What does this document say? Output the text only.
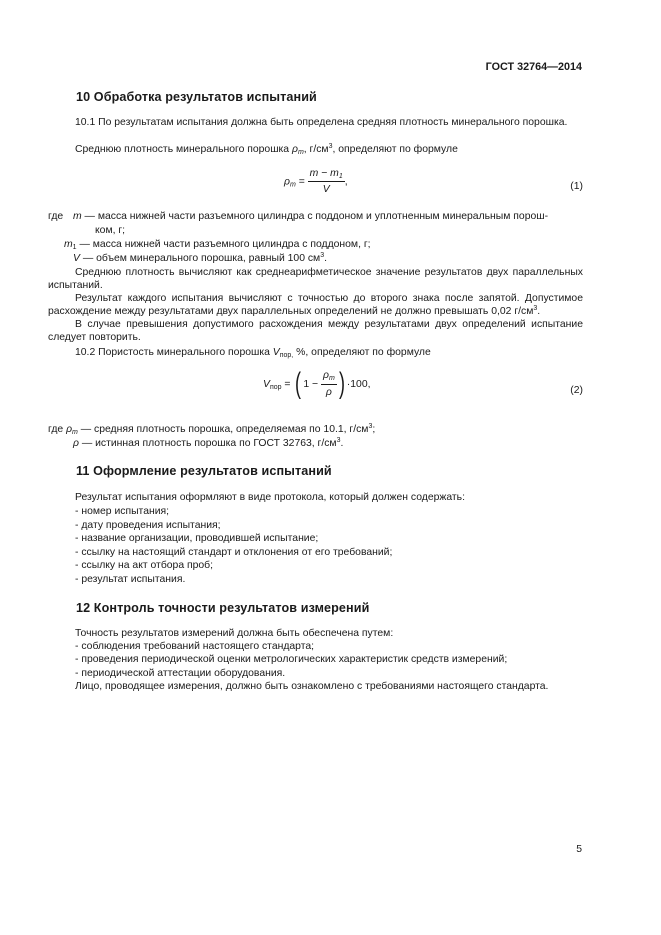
ГОСТ 32764—2014
10 Обработка результатов испытаний

10.1 По результатам испытания должна быть определена средняя плотность минерального порошка.

Среднюю плотность минерального порошка $\rho_m$, $г/см^3$, определяют по формуле

$\rho_m = \frac{m - m_1}{V}$ ,	(1)
где m — масса нижней части разъемного цилиндра с поддоном и уплотненным минеральным порош-
ком, г;
$m_1$ — масса нижней части разъемного цилиндра с поддоном, г;
V — объем минерального порошка, равный 100 $см^3$.

Среднюю плотность вычисляют как среднеарифметическое значение результатов двух параллельных испытаний.

Результат каждого испытания вычисляют с точностью до второго знака после запятой. Допустимое расхождение между результатами двух параллельных определений не должно превышать 0,02 $г/см^3$.

В случае превышения допустимого расхождения между результатами двух определений испытание следует повторить.

10.2 Пористость минерального порошка $V_{пор,}$ %, определяют по формуле

$V_{пор}$ = ( $1 - \frac{\rho_m}{\rho}$ ) ·100,
(2)
где $\rho_m$ — средняя плотность порошка, определяемая по 10.1, $г/см^3$;
ρ — истинная плотность порошка по ГОСТ 32763, $г/см^3$.
11 Оформление результатов испытаний
Результат испытания оформляют в виде протокола, который должен содержать:
- номер испытания;
- дату проведения испытания;
- название организации, проводившей испытание;
- ссылку на настоящий стандарт и отклонения от его требований;
- ссылку на акт отбора проб;
- результат испытания.
12 Контроль точности результатов измерений
Точность результатов измерений должна быть обеспечена путем:
- соблюдения требований настоящего стандарта;
- проведения периодической оценки метрологических характеристик средств измерений;
- периодической аттестации оборудования.
Лицо, проводящее измерения, должно быть ознакомлено с требованиями настоящего стандарта.
5
